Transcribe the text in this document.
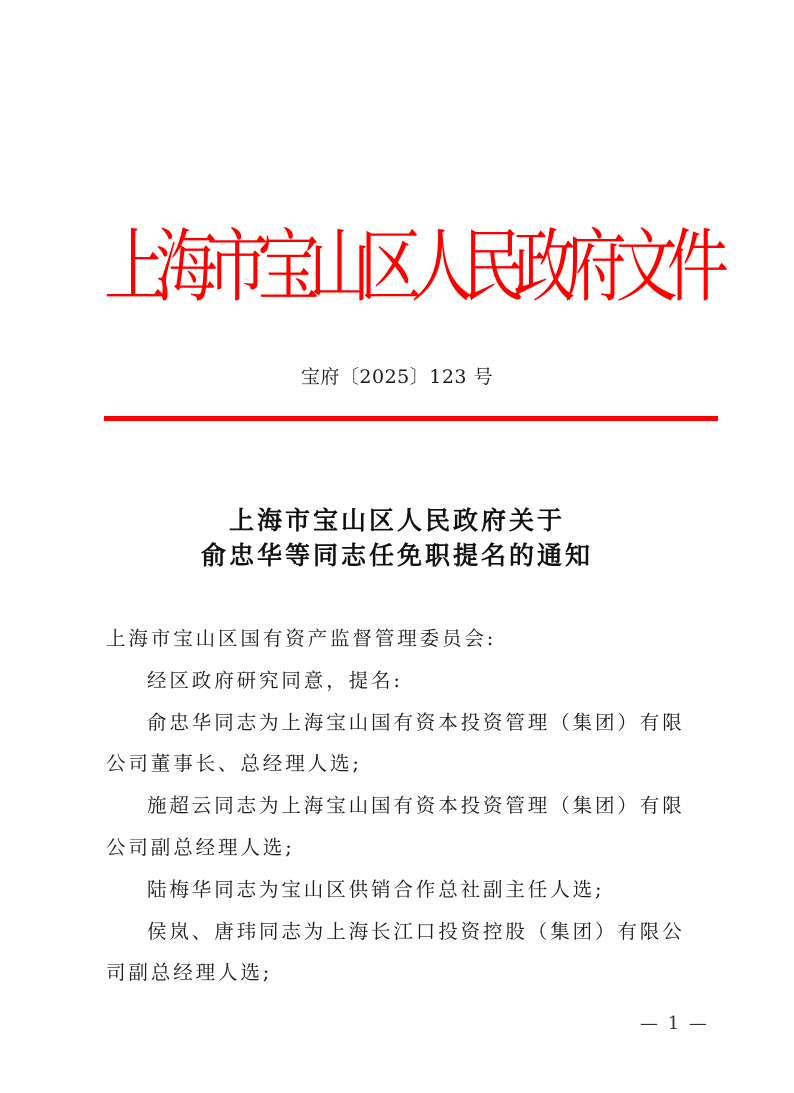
上
海
市
宝
山
区
人
民
政
府
文
件
宝府〔2025〕123 号
上海市宝山区人民政府关于
俞忠华等同志任免职提名的通知

上海市宝山区国有资产监督管理委员会:

经区政府研究同意，提名:

俞忠华同志为上海宝山国有资本投资管理（集团）有限公司董事长、总经理人选;

施超云同志为上海宝山国有资本投资管理（集团）有限公司副总经理人选;

陆梅华同志为宝山区供销合作总社副主任人选;

侯岚、唐玮同志为上海长江口投资控股（集团）有限公司副总经理人选;

— 1 —
